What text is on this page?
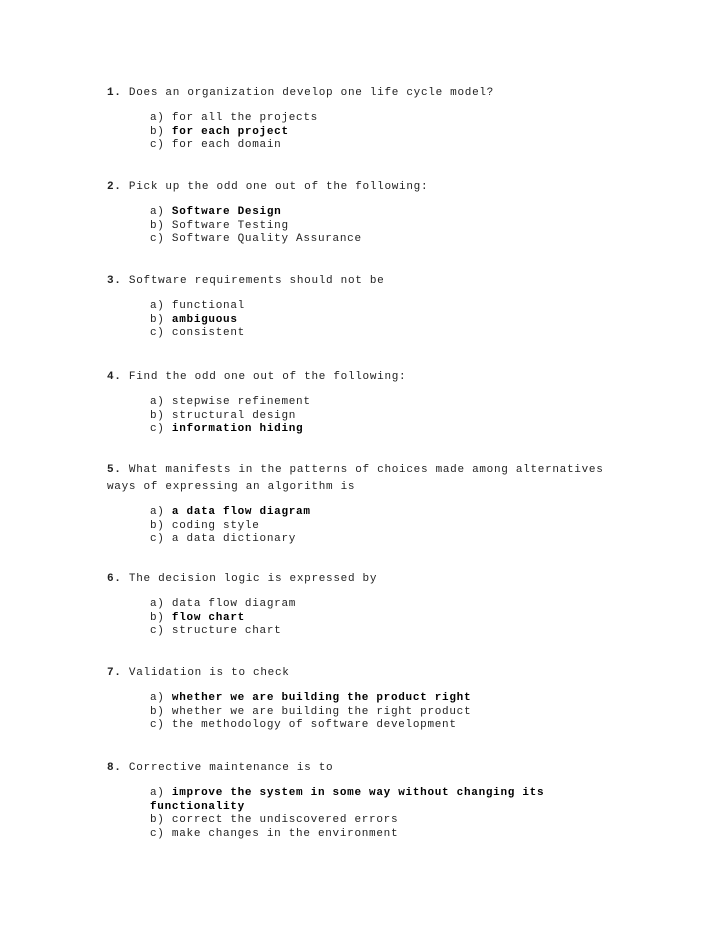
1. Does an organization develop one life cycle model?

a) for all the projects
b) for each project
c) for each domain

2. Pick up the odd one out of the following:

a) Software Design
b) Software Testing
c) Software Quality Assurance

3. Software requirements should not be

a) functional
b) ambiguous
c) consistent

4. Find the odd one out of the following:

a) stepwise refinement
b) structural design
c) information hiding

5. What manifests in the patterns of choices made among alternatives ways of expressing an algorithm is

a) a data flow diagram
b) coding style
c) a data dictionary

6. The decision logic is expressed by

a) data flow diagram
b) flow chart
c) structure chart

7. Validation is to check

a) whether we are building the product right
b) whether we are building the right product
c) the methodology of software development

8. Corrective maintenance is to

a) improve the system in some way without changing its functionality
b) correct the undiscovered errors
c) make changes in the environment
